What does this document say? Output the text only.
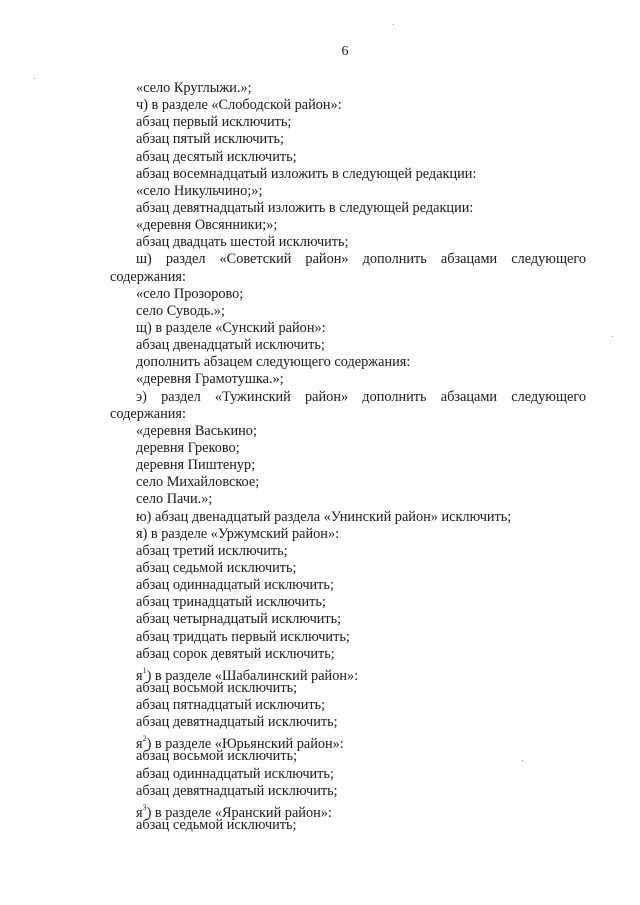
6
«село Круглыжи.»;
ч) в разделе «Слободской район»:
абзац первый исключить;
абзац пятый исключить;
абзац десятый исключить;
абзац восемнадцатый изложить в следующей редакции:
«село Никульчино;»;
абзац девятнадцатый изложить в следующей редакции:
«деревня Овсянники;»;
абзац двадцать шестой исключить;
ш) раздел «Советский район» дополнить абзацами следующего
содержания:
«село Прозорово;
село Суводь.»;
щ) в разделе «Сунский район»:
абзац двенадцатый исключить;
дополнить абзацем следующего содержания:
«деревня Грамотушка.»;
э) раздел «Тужинский район» дополнить абзацами следующего
содержания:
«деревня Васькино;
деревня Греково;
деревня Пиштенур;
село Михайловское;
село Пачи.»;
ю) абзац двенадцатый раздела «Унинский район» исключить;
я) в разделе «Уржумский район»:
абзац третий исключить;
абзац седьмой исключить;
абзац одиннадцатый исключить;
абзац тринадцатый исключить;
абзац четырнадцатый исключить;
абзац тридцать первый исключить;
абзац сорок девятый исключить;
$я^1$) в разделе «Шабалинский район»:
абзац восьмой исключить;
абзац пятнадцатый исключить;
абзац девятнадцатый исключить;
$я^2$) в разделе «Юрьянский район»:
абзац восьмой исключить;
абзац одиннадцатый исключить;
абзац девятнадцатый исключить;
$я^3$) в разделе «Яранский район»:
абзац седьмой исключить;
